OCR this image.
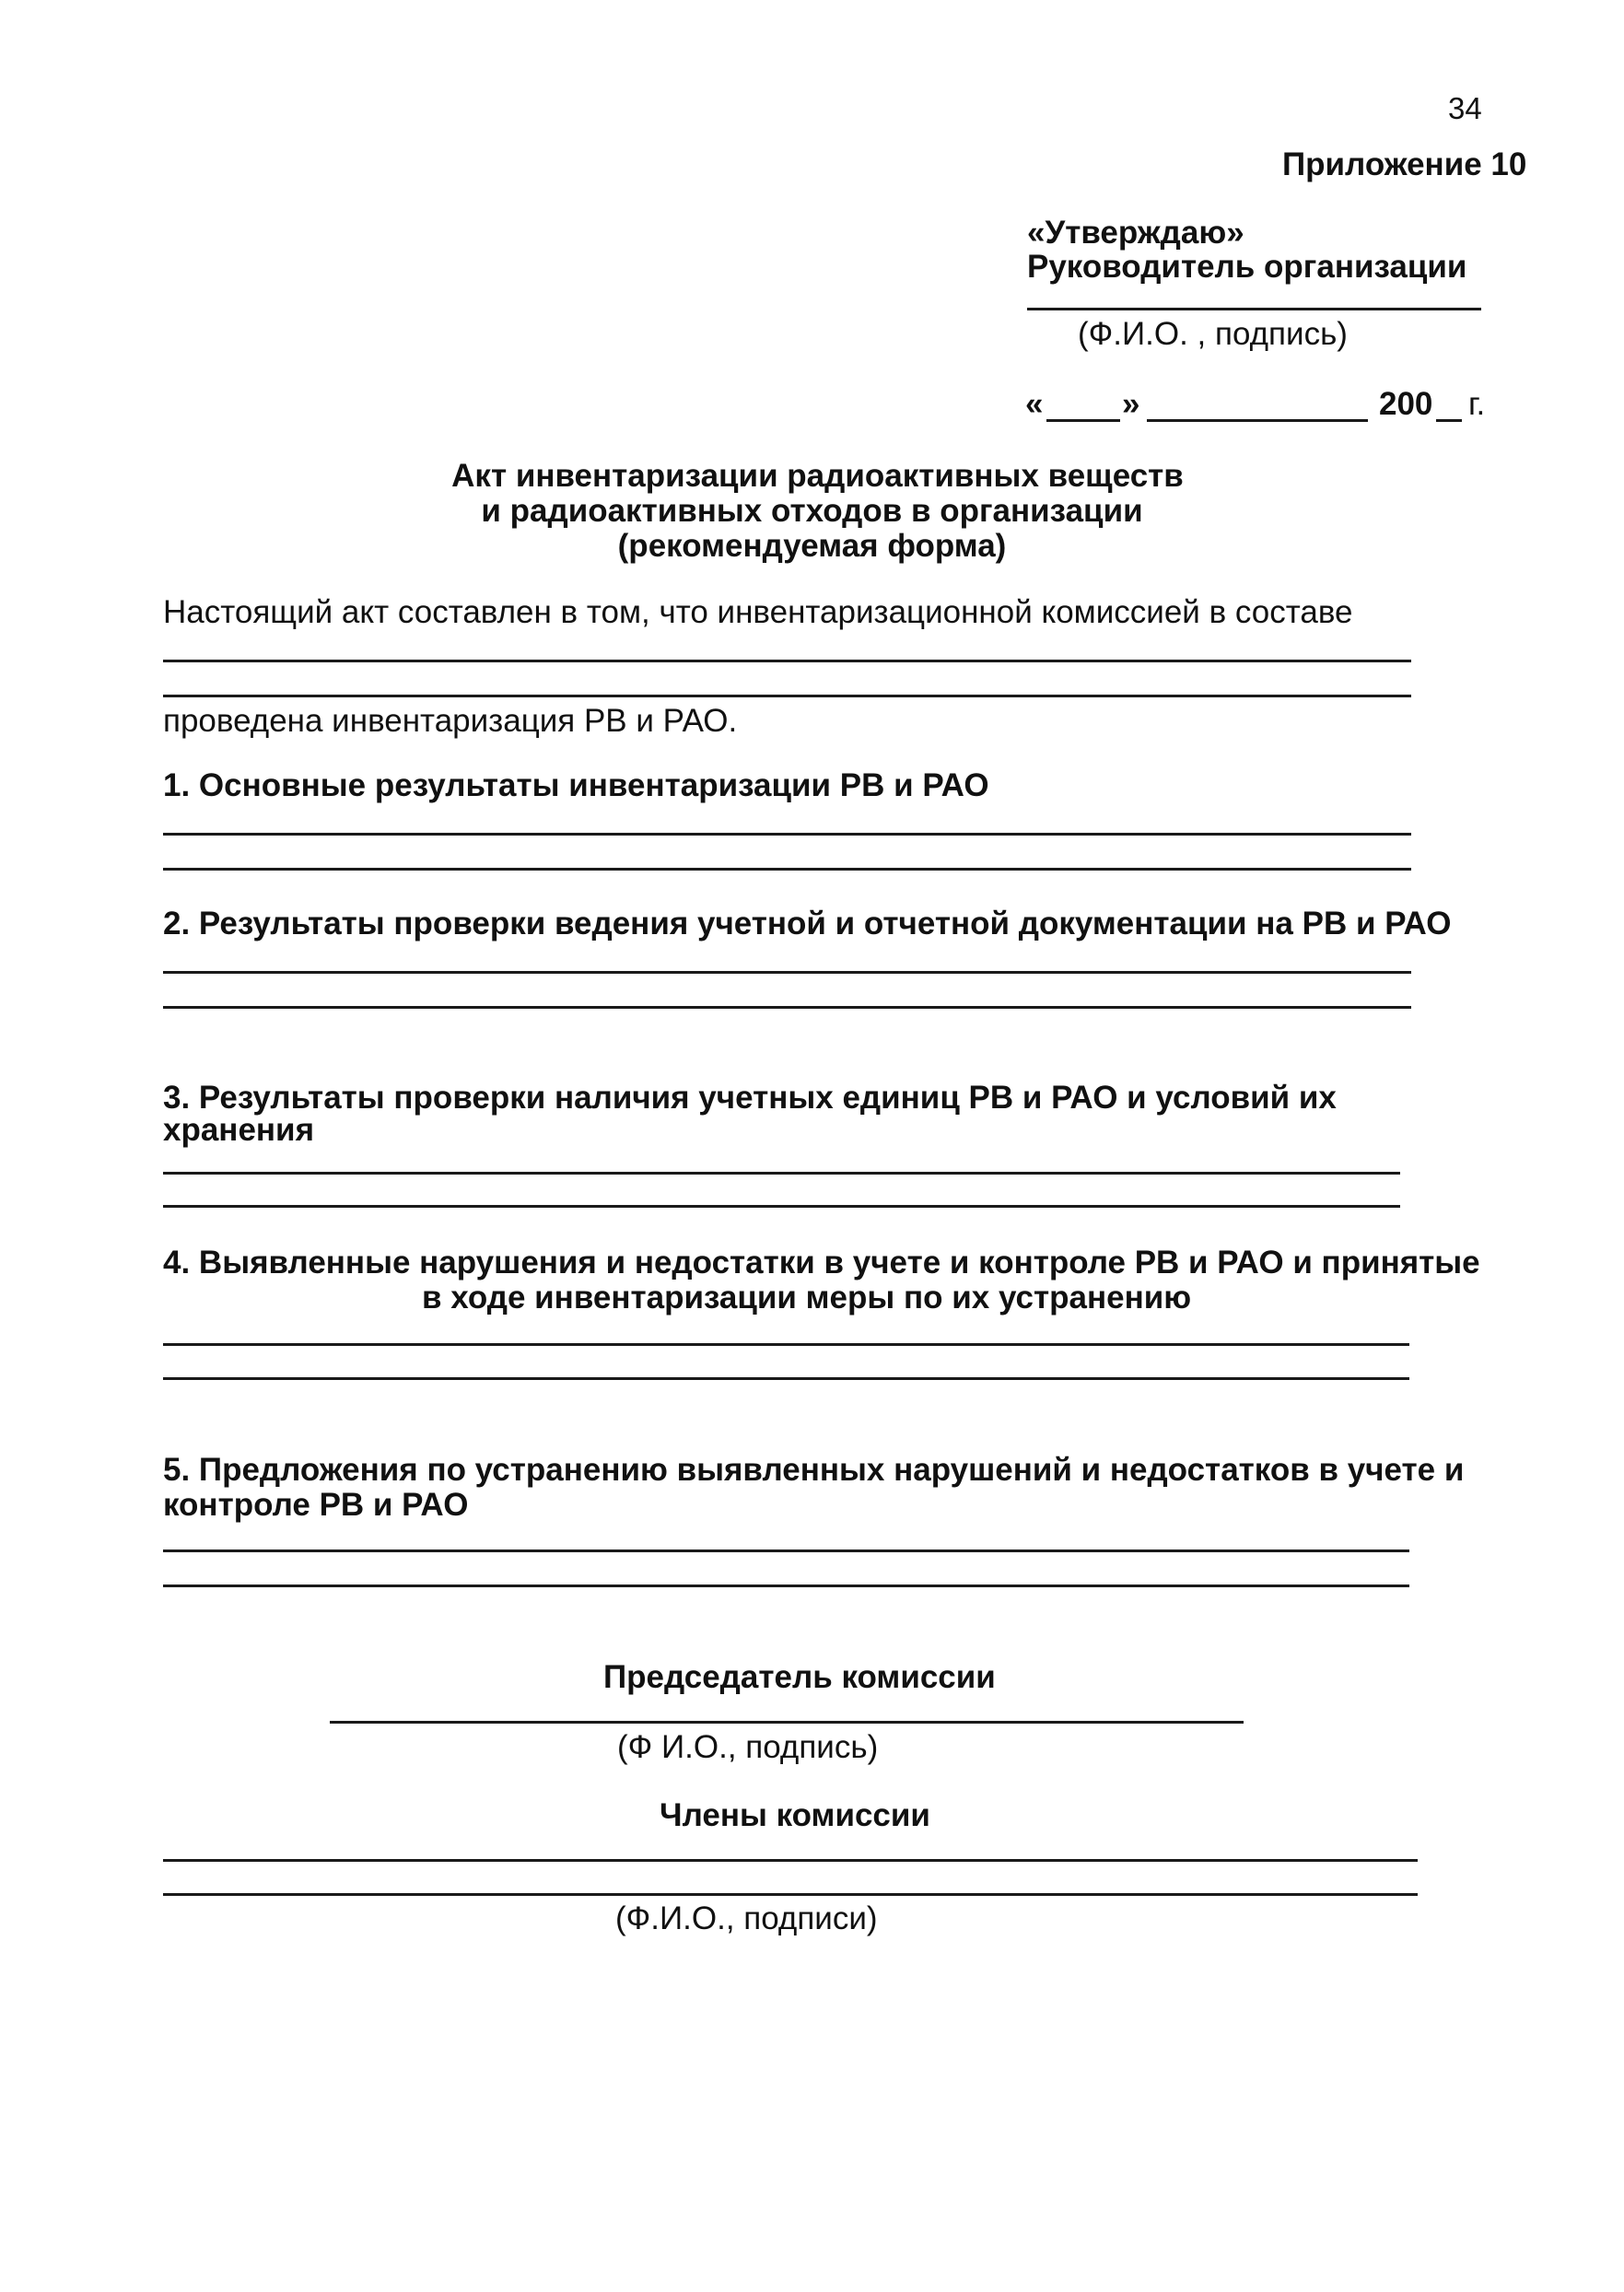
34
Приложение 10
«Утверждаю»
Руководитель организации
(Ф.И.О. , подпись)
« »	200 г.
Акт инвентаризации радиоактивных веществ
и радиоактивных отходов в организации
(рекомендуемая форма)
Настоящий акт составлен в том, что инвентаризационной комиссией в составе
проведена инвентаризация РВ и РАО.
1. Основные результаты инвентаризации РВ и РАО
2. Результаты проверки ведения учетной и отчетной документации на РВ и РАО
3. Результаты проверки наличия учетных единиц РВ и РАО и условий их
хранения
4. Выявленные нарушения и недостатки в учете и контроле РВ и РАО и принятые
в ходе инвентаризации меры по их устранению
5. Предложения по устранению выявленных нарушений и недостатков в учете и
контроле РВ и РАО
Председатель комиссии
(Ф И.О., подпись)
Члены комиссии
(Ф.И.О., подписи)
